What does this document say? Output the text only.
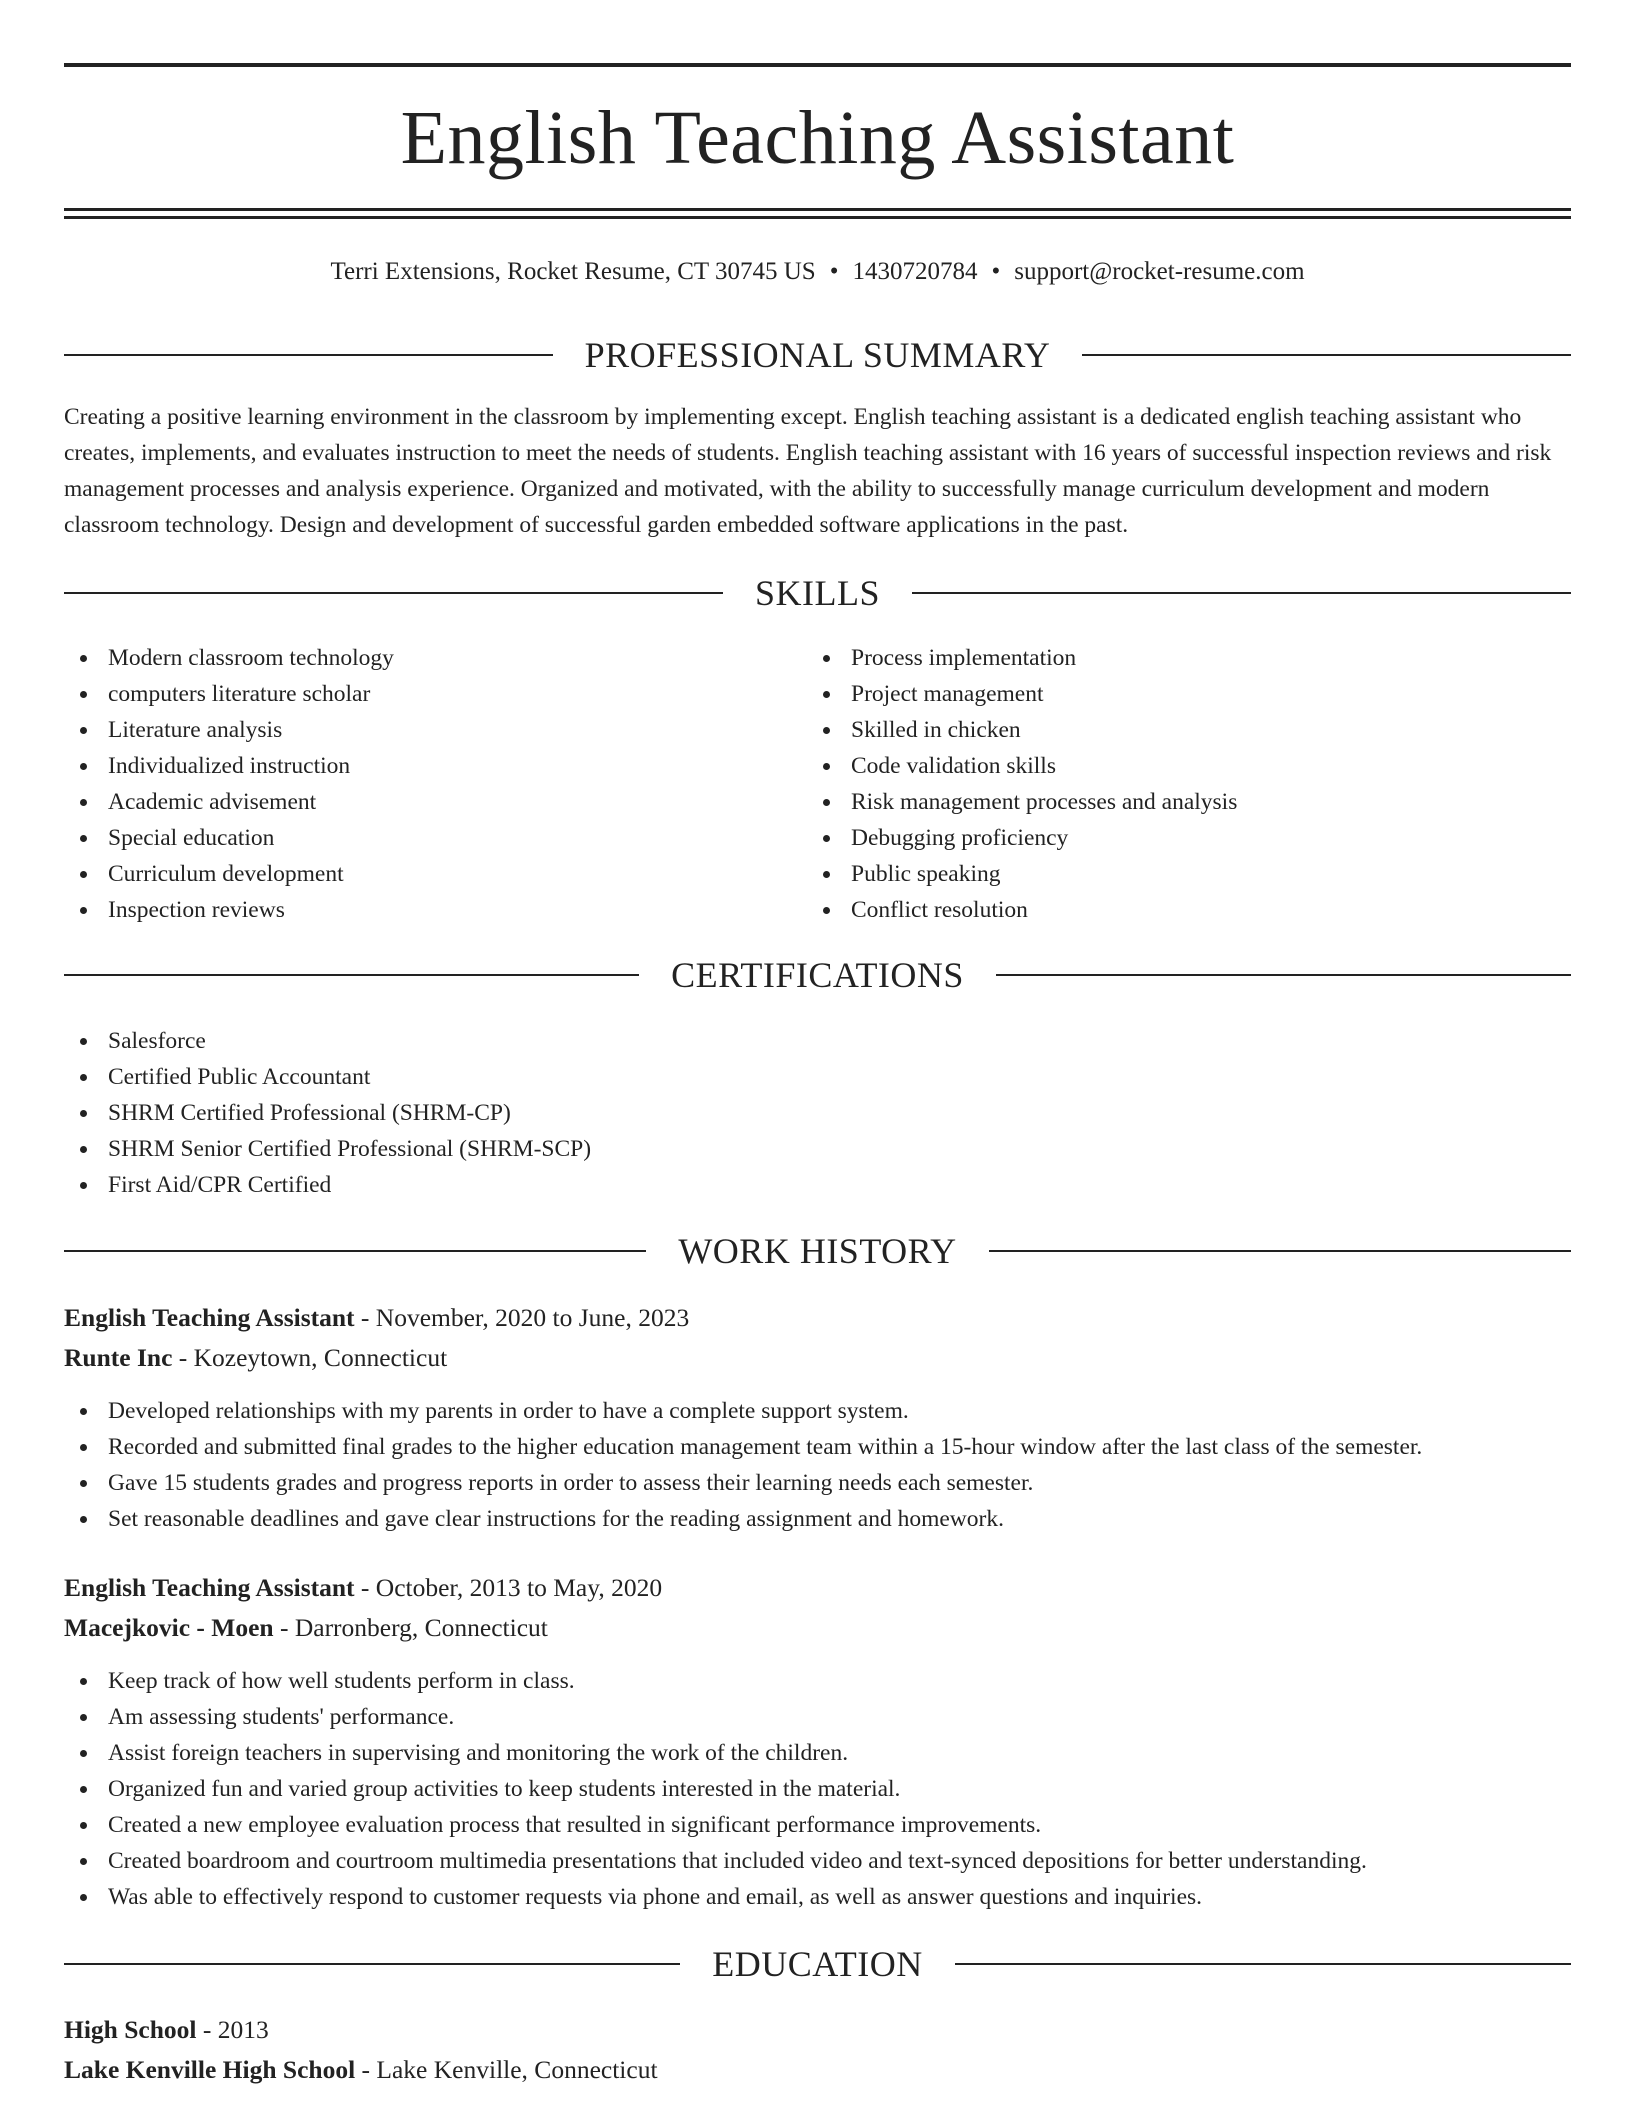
English Teaching Assistant
Terri Extensions, Rocket Resume, CT 30745 US • 1430720784 • support@rocket-resume.com
PROFESSIONAL SUMMARY

Creating a positive learning environment in the classroom by implementing except. English teaching assistant is a dedicated english teaching assistant who creates, implements, and evaluates instruction to meet the needs of students. English teaching assistant with 16 years of successful inspection reviews and risk management processes and analysis experience. Organized and motivated, with the ability to successfully manage curriculum development and modern classroom technology. Design and development of successful garden embedded software applications in the past.

SKILLS
Modern classroom technology
computers literature scholar
Literature analysis
Individualized instruction
Academic advisement
Special education
Curriculum development
Inspection reviews
Process implementation
Project management
Skilled in chicken
Code validation skills
Risk management processes and analysis
Debugging proficiency
Public speaking
Conflict resolution
CERTIFICATIONS
Salesforce
Certified Public Accountant
SHRM Certified Professional (SHRM-CP)
SHRM Senior Certified Professional (SHRM-SCP)
First Aid/CPR Certified
WORK HISTORY
English Teaching Assistant - November, 2020 to June, 2023
Runte Inc - Kozeytown, Connecticut
Developed relationships with my parents in order to have a complete support system.
Recorded and submitted final grades to the higher education management team within a 15-hour window after the last class of the semester.
Gave 15 students grades and progress reports in order to assess their learning needs each semester.
Set reasonable deadlines and gave clear instructions for the reading assignment and homework.
English Teaching Assistant - October, 2013 to May, 2020
Macejkovic - Moen - Darronberg, Connecticut
Keep track of how well students perform in class.
Am assessing students' performance.
Assist foreign teachers in supervising and monitoring the work of the children.
Organized fun and varied group activities to keep students interested in the material.
Created a new employee evaluation process that resulted in significant performance improvements.
Created boardroom and courtroom multimedia presentations that included video and text-synced depositions for better understanding.
Was able to effectively respond to customer requests via phone and email, as well as answer questions and inquiries.
EDUCATION
High School - 2013
Lake Kenville High School - Lake Kenville, Connecticut
